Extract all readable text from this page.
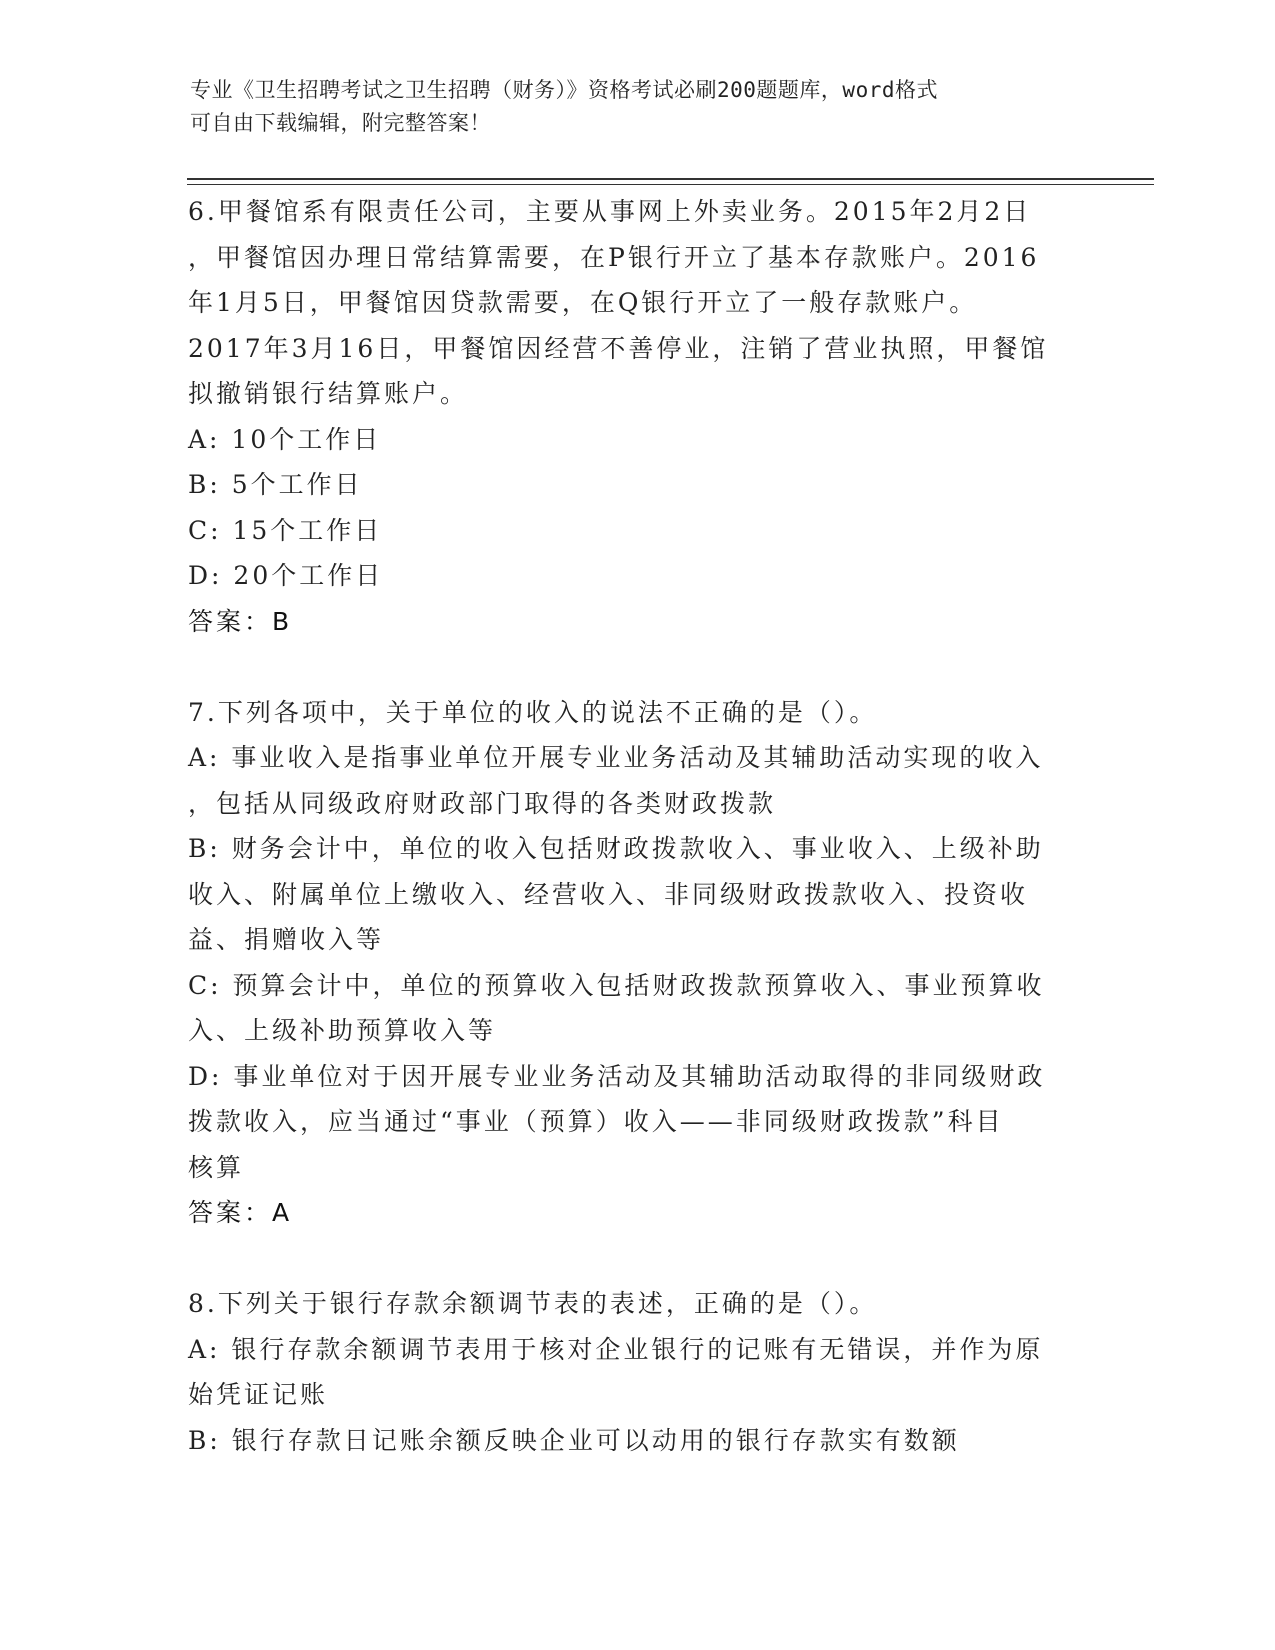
专业《卫生招聘考试之卫生招聘（财务）》资格考试必刷200题题库，word格式
可自由下载编辑，附完整答案！
6.甲餐馆系有限责任公司，主要从事网上外卖业务。2015年2月2日
，甲餐馆因办理日常结算需要，在P银行开立了基本存款账户。2016
年1月5日，甲餐馆因贷款需要，在Q银行开立了一般存款账户。
2017年3月16日，甲餐馆因经营不善停业，注销了营业执照，甲餐馆
拟撤销银行结算账户。
A: 10个工作日
B: 5个工作日
C: 15个工作日
D: 20个工作日
答案：B
7.下列各项中，关于单位的收入的说法不正确的是（）。
A: 事业收入是指事业单位开展专业业务活动及其辅助活动实现的收入
，包括从同级政府财政部门取得的各类财政拨款
B: 财务会计中，单位的收入包括财政拨款收入、事业收入、上级补助
收入、附属单位上缴收入、经营收入、非同级财政拨款收入、投资收
益、捐赠收入等
C: 预算会计中，单位的预算收入包括财政拨款预算收入、事业预算收
入、上级补助预算收入等
D: 事业单位对于因开展专业业务活动及其辅助活动取得的非同级财政
拨款收入，应当通过“事业（预算）收入——非同级财政拨款”科目
核算
答案：A
8.下列关于银行存款余额调节表的表述，正确的是（）。
A: 银行存款余额调节表用于核对企业银行的记账有无错误，并作为原
始凭证记账
B: 银行存款日记账余额反映企业可以动用的银行存款实有数额
